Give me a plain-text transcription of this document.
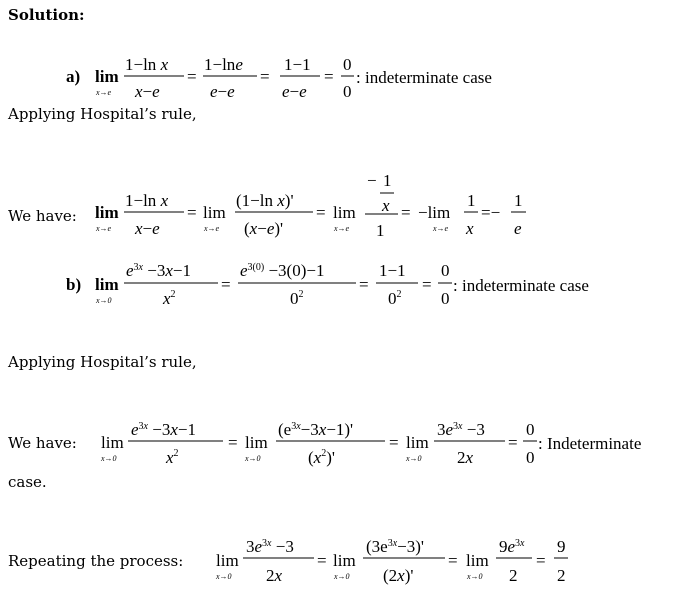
Solution:
Applying Hospital’s rule,
We have:
Applying Hospital’s rule,
We have:
case.
Repeating the process:
a) lim
x→e
1−ln x
x−e
=
1−lne
e−e
=
1−1
e−e
=
0
0
: indeterminate case
lim
x→e
1−ln x
x−e
= lim
x→e
(1−ln x)'
(x−e)'
= lim
x→e
− 1
x
1
= −lim
x→e
1
x
=−
1
e
b) lim
x→0
$e^{3x} -3x-1$
$x^2$
=
$e^{3(0)} -3(0)-1$
$0^2$
=
1−1
$0^2$
=
0
0
: indeterminate case
lim
x→0
$e^{3x} -3x-1$
$x^2$
= lim
x→0
$(e^{3x}-3x-1)'$
$(x^2)'$
= lim
x→0
$3e^{3x} -3$
2x
=
0
0
: Indeterminate
lim
x→0
$3e^{3x} -3$
2x
= lim
x→0
$(3e^{3x}-3)'$
(2x)'
= lim
x→0
$9e^{3x}$
2
=
9
2
